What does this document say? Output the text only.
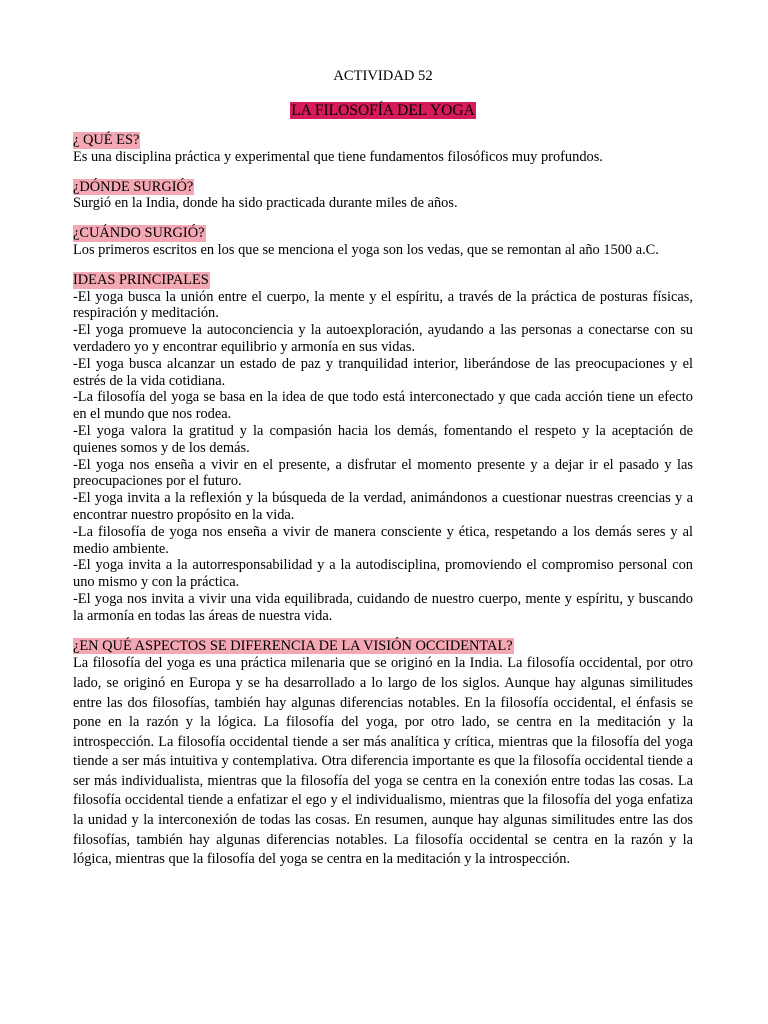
ACTIVIDAD 52
LA FILOSOFÍA DEL YOGA
¿ QUÉ ES?

Es una disciplina práctica y experimental que tiene fundamentos filosóficos muy profundos.

¿DÓNDE SURGIÓ?

Surgió en la India, donde ha sido practicada durante miles de años.

¿CUÁNDO SURGIÓ?

Los primeros escritos en los que se menciona el yoga son los vedas, que se remontan al año 1500 a.C.

IDEAS PRINCIPALES

-El yoga busca la unión entre el cuerpo, la mente y el espíritu, a través de la práctica de posturas físicas, respiración y meditación.

-El yoga promueve la autoconciencia y la autoexploración, ayudando a las personas a conectarse con su verdadero yo y encontrar equilibrio y armonía en sus vidas.

-El yoga busca alcanzar un estado de paz y tranquilidad interior, liberándose de las preocupaciones y el estrés de la vida cotidiana.

-La filosofía del yoga se basa en la idea de que todo está interconectado y que cada acción tiene un efecto en el mundo que nos rodea.

-El yoga valora la gratitud y la compasión hacia los demás, fomentando el respeto y la aceptación de quienes somos y de los demás.

-El yoga nos enseña a vivir en el presente, a disfrutar el momento presente y a dejar ir el pasado y las preocupaciones por el futuro.

-El yoga invita a la reflexión y la búsqueda de la verdad, animándonos a cuestionar nuestras creencias y a encontrar nuestro propósito en la vida.

-La filosofía de yoga nos enseña a vivir de manera consciente y ética, respetando a los demás seres y al medio ambiente.

-El yoga invita a la autorresponsabilidad y a la autodisciplina, promoviendo el compromiso personal con uno mismo y con la práctica.

-El yoga nos invita a vivir una vida equilibrada, cuidando de nuestro cuerpo, mente y espíritu, y buscando la armonía en todas las áreas de nuestra vida.

¿EN QUÉ ASPECTOS SE DIFERENCIA DE LA VISIÓN OCCIDENTAL?

La filosofía del yoga es una práctica milenaria que se originó en la India. La filosofía occidental, por otro lado, se originó en Europa y se ha desarrollado a lo largo de los siglos. Aunque hay algunas similitudes entre las dos filosofías, también hay algunas diferencias notables. En la filosofía occidental, el énfasis se pone en la razón y la lógica. La filosofía del yoga, por otro lado, se centra en la meditación y la introspección. La filosofía occidental tiende a ser más analítica y crítica, mientras que la filosofía del yoga tiende a ser más intuitiva y contemplativa. Otra diferencia importante es que la filosofía occidental tiende a ser más individualista, mientras que la filosofía del yoga se centra en la conexión entre todas las cosas. La filosofía occidental tiende a enfatizar el ego y el individualismo, mientras que la filosofía del yoga enfatiza la unidad y la interconexión de todas las cosas. En resumen, aunque hay algunas similitudes entre las dos filosofías, también hay algunas diferencias notables. La filosofía occidental se centra en la razón y la lógica, mientras que la filosofía del yoga se centra en la meditación y la introspección.
